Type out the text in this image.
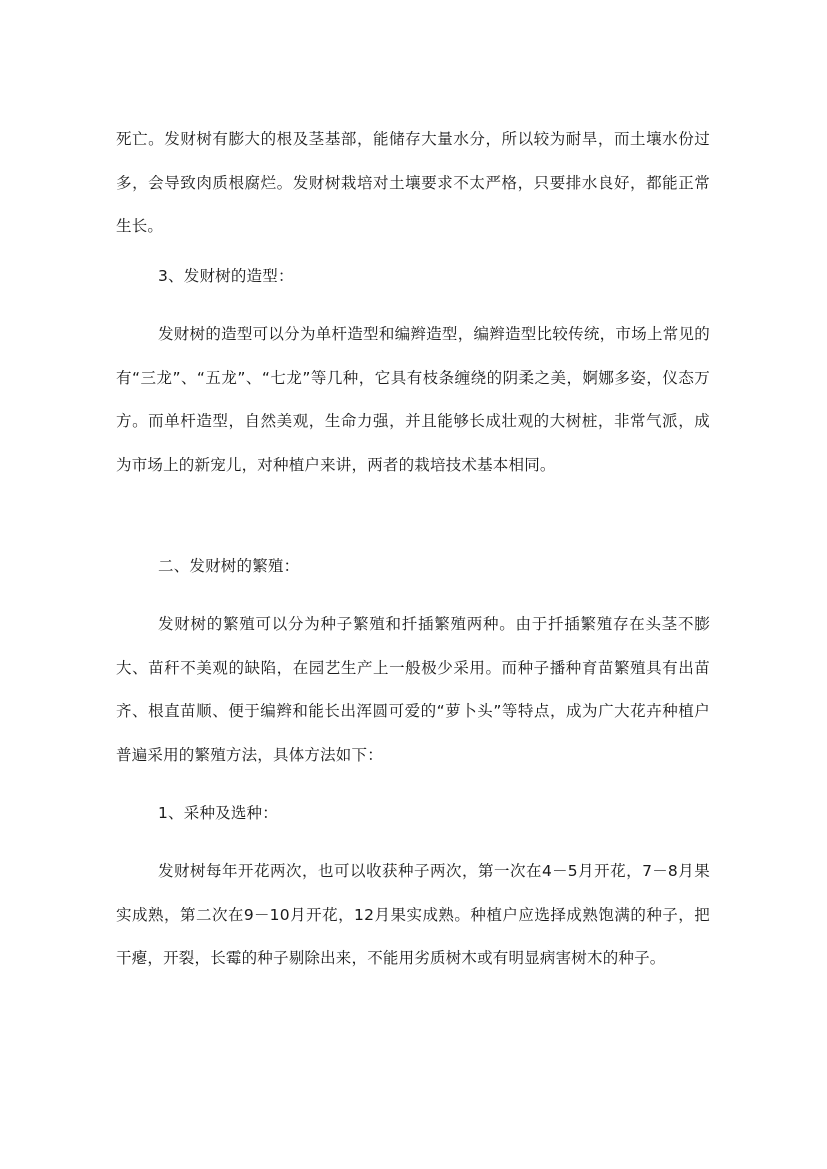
死亡。发财树有膨大的根及茎基部，能储存大量水分，所以较为耐旱，而土壤水份过多，会导致肉质根腐烂。发财树栽培对土壤要求不太严格，只要排水良好，都能正常生长。

3、发财树的造型：

发财树的造型可以分为单杆造型和编辫造型，编辫造型比较传统，市场上常见的有“三龙”、“五龙”、“七龙”等几种，它具有枝条缠绕的阴柔之美，婀娜多姿，仪态万方。而单杆造型，自然美观，生命力强，并且能够长成壮观的大树桩，非常气派，成为市场上的新宠儿，对种植户来讲，两者的栽培技术基本相同。

二、发财树的繁殖：

发财树的繁殖可以分为种子繁殖和扦插繁殖两种。由于扦插繁殖存在头茎不膨大、苗秆不美观的缺陷，在园艺生产上一般极少采用。而种子播种育苗繁殖具有出苗齐、根直苗顺、便于编辫和能长出浑圆可爱的“萝卜头”等特点，成为广大花卉种植户普遍采用的繁殖方法，具体方法如下：

1、采种及选种：

发财树每年开花两次，也可以收获种子两次，第一次在4－5月开花，7－8月果实成熟，第二次在9－10月开花，12月果实成熟。种植户应选择成熟饱满的种子，把干瘪，开裂，长霉的种子剔除出来，不能用劣质树木或有明显病害树木的种子。
